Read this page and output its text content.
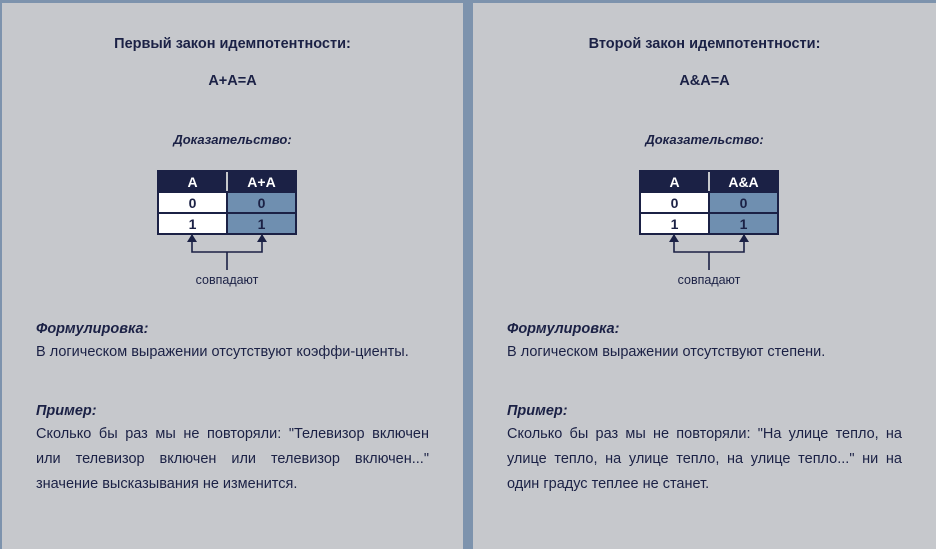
Первый закон идемпотентности:
A+A=A
Доказательство:
A	A+A
0	0
1	1
совпадают
Формулировка:
В логическом выражении отсутствуют коэффи-циенты.
Пример:
Сколько бы раз мы не повторяли: "Телевизор включен или телевизор включен или телевизор включен..." значение высказывания не изменится.
Второй закон идемпотентности:
A&A=A
Доказательство:
A	A&A
0	0
1	1
совпадают
Формулировка:
В логическом выражении отсутствуют степени.
Пример:
Сколько бы раз мы не повторяли: "На улице тепло, на улице тепло, на улице тепло, на улице тепло..." ни на один градус теплее не станет.
